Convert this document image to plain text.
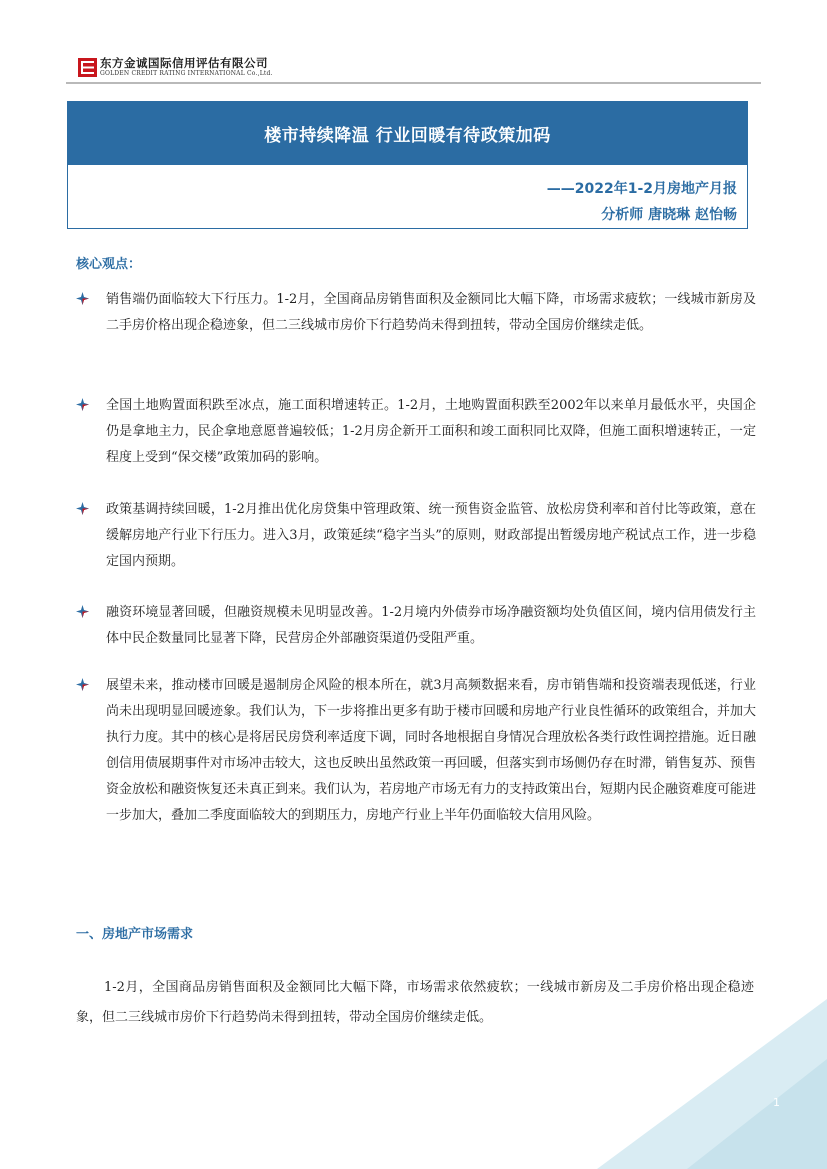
东方金诚国际信用评估有限公司
GOLDEN CREDIT RATING INTERNATIONAL Co.,Ltd.
楼市持续降温 行业回暖有待政策加码
——2022年1-2月房地产月报
分析师 唐晓琳 赵怡畅
核心观点：

销售端仍面临较大下行压力。1-2月，全国商品房销售面积及金额同比大幅下降，市场需求疲软；一线城市新房及二手房价格出现企稳迹象，但二三线城市房价下行趋势尚未得到扭转，带动全国房价继续走低。

全国土地购置面积跌至冰点，施工面积增速转正。1-2月，土地购置面积跌至2002年以来单月最低水平，央国企仍是拿地主力，民企拿地意愿普遍较低；1-2月房企新开工面积和竣工面积同比双降，但施工面积增速转正，一定程度上受到“保交楼”政策加码的影响。

政策基调持续回暖，1-2月推出优化房贷集中管理政策、统一预售资金监管、放松房贷利率和首付比等政策，意在缓解房地产行业下行压力。进入3月，政策延续“稳字当头”的原则，财政部提出暂缓房地产税试点工作，进一步稳定国内预期。

融资环境显著回暖，但融资规模未见明显改善。1-2月境内外债券市场净融资额均处负值区间，境内信用债发行主体中民企数量同比显著下降，民营房企外部融资渠道仍受阻严重。

展望未来，推动楼市回暖是遏制房企风险的根本所在，就3月高频数据来看，房市销售端和投资端表现低迷，行业尚未出现明显回暖迹象。我们认为，下一步将推出更多有助于楼市回暖和房地产行业良性循环的政策组合，并加大执行力度。其中的核心是将居民房贷利率适度下调，同时各地根据自身情况合理放松各类行政性调控措施。近日融创信用债展期事件对市场冲击较大，这也反映出虽然政策一再回暖，但落实到市场侧仍存在时滞，销售复苏、预售资金放松和融资恢复还未真正到来。我们认为，若房地产市场无有力的支持政策出台，短期内民企融资难度可能进一步加大，叠加二季度面临较大的到期压力，房地产行业上半年仍面临较大信用风险。

一、房地产市场需求

1-2月，全国商品房销售面积及金额同比大幅下降，市场需求依然疲软；一线城市新房及二手房价格出现企稳迹象，但二三线城市房价下行趋势尚未得到扭转，带动全国房价继续走低。

1
